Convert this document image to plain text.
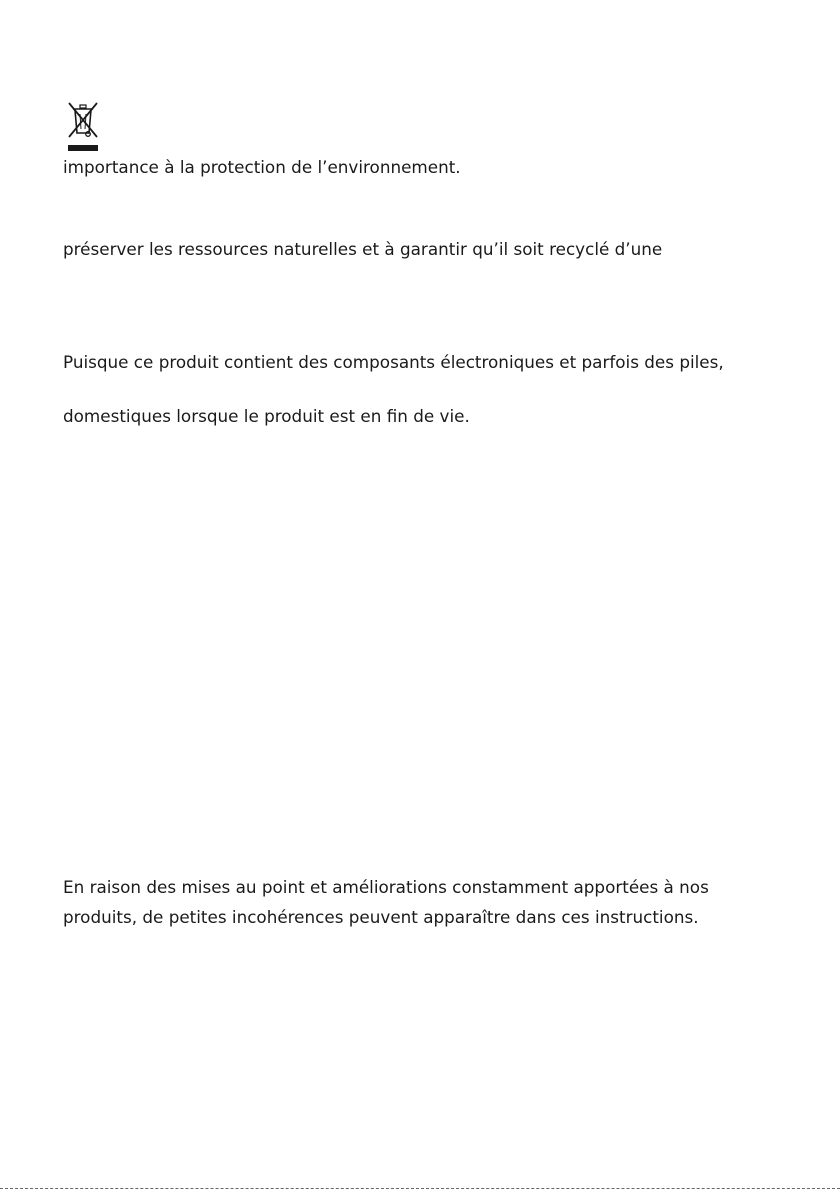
importance à la protection de l’environnement.

préserver les ressources naturelles et à garantir qu’il soit recyclé d’une

Puisque ce produit contient des composants électroniques et parfois des piles,

domestiques lorsque le produit est en fin de vie.

En raison des mises au point et améliorations constamment apportées à nos

produits, de petites incohérences peuvent apparaître dans ces instructions.
